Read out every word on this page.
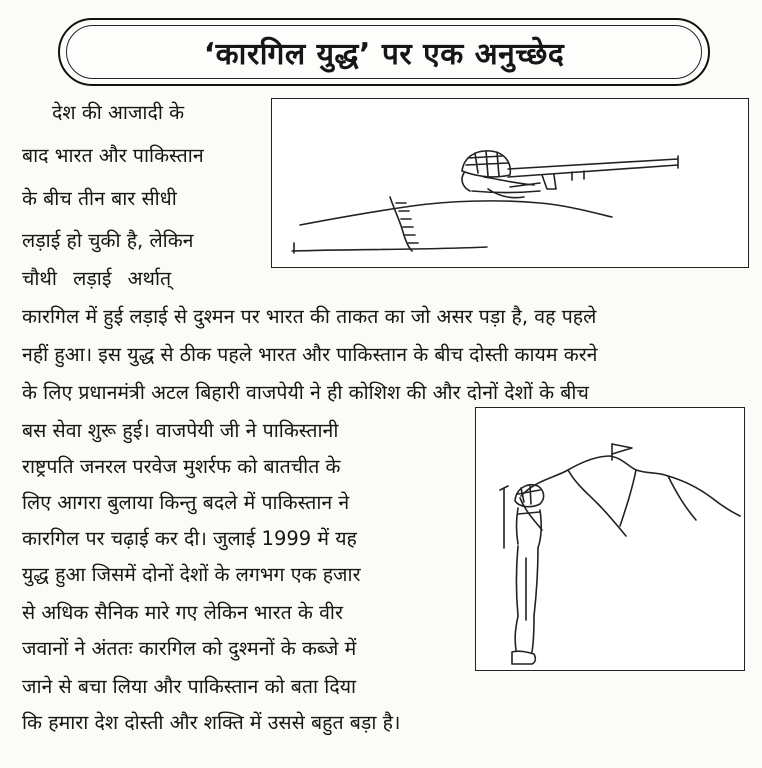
‘कारगिल युद्ध’ पर एक अनुच्छेद
देश की आजादी के
बाद भारत और पाकिस्तान
के बीच तीन बार सीधी
लड़ाई हो चुकी है, लेकिन
चौथी लड़ाई अर्थात्
कारगिल में हुई लड़ाई से दुश्मन पर भारत की ताकत का जो असर पड़ा है, वह पहले
नहीं हुआ। इस युद्ध से ठीक पहले भारत और पाकिस्तान के बीच दोस्ती कायम करने
के लिए प्रधानमंत्री अटल बिहारी वाजपेयी ने ही कोशिश की और दोनों देशों के बीच
बस सेवा शुरू हुई। वाजपेयी जी ने पाकिस्तानी
राष्ट्रपति जनरल परवेज मुशर्रफ को बातचीत के
लिए आगरा बुलाया किन्तु बदले में पाकिस्तान ने
कारगिल पर चढ़ाई कर दी। जुलाई 1999 में यह
युद्ध हुआ जिसमें दोनों देशों के लगभग एक हजार
से अधिक सैनिक मारे गए लेकिन भारत के वीर
जवानों ने अंततः कारगिल को दुश्मनों के कब्जे में
जाने से बचा लिया और पाकिस्तान को बता दिया
कि हमारा देश दोस्ती और शक्ति में उससे बहुत बड़ा है।
